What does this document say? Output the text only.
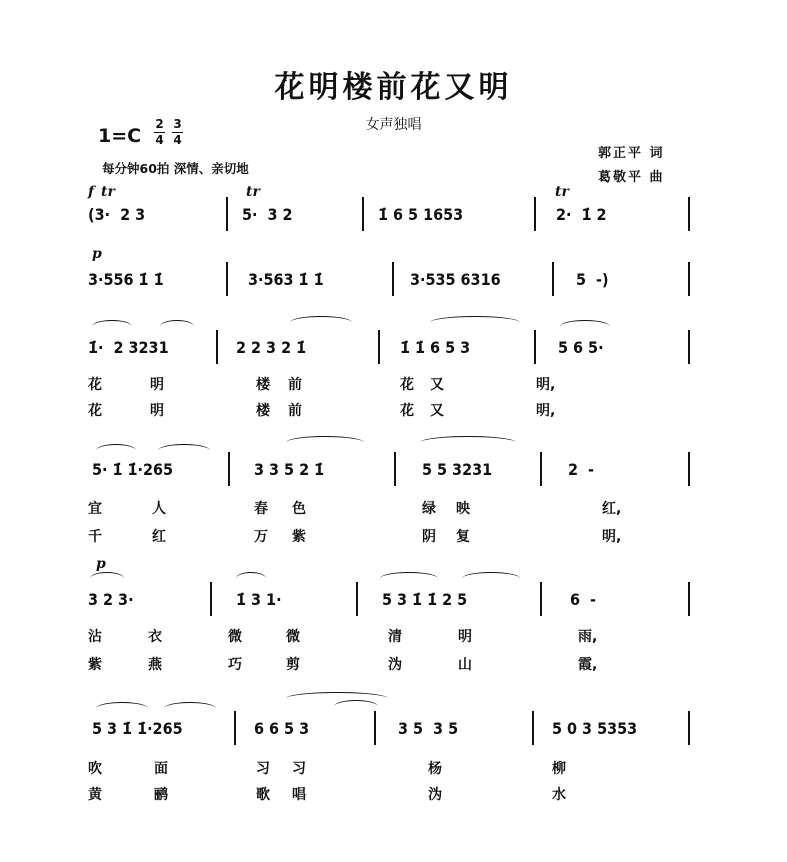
花明楼前花又明
女声独唱
1=C
2
4
3
4
每分钟60拍 深情、亲切地
郭正平 词
葛敬平 曲
f tr	tr	tr
p
p
(3·  2 3	5·  3 2	1̇ 6 5 1653	2·  1̇ 2
3·556 1̇ 1̇	3·563 1̇ 1̇	3·535 6316	5  -)
1̇·  2 3231	2 2 3 2 1̇	1̇ 1̇ 6 5 3	5 6 5·
花	明	楼 前	花 又	明,
花	明	楼 前	花 又	明,
5· 1̇ 1̇·265	3 3 5 2 1̇	5 5 3231	2  -
宜	人	春 色	绿 映	红,
千	红	万 紫	阴 复	明,
3 2 3·	1̇ 3 1·	5 3 1̇ 1̇ 2 5	6  -
沾	衣	微	微	清	明	雨,
紫	燕	巧	剪	沩	山	霞,
5 3 1̇ 1̇·265	6 6 5 3	3 5  3 5	5 0 3 5353
吹	面	习 习	杨	柳
黄	鹂	歌 唱	沩	水
